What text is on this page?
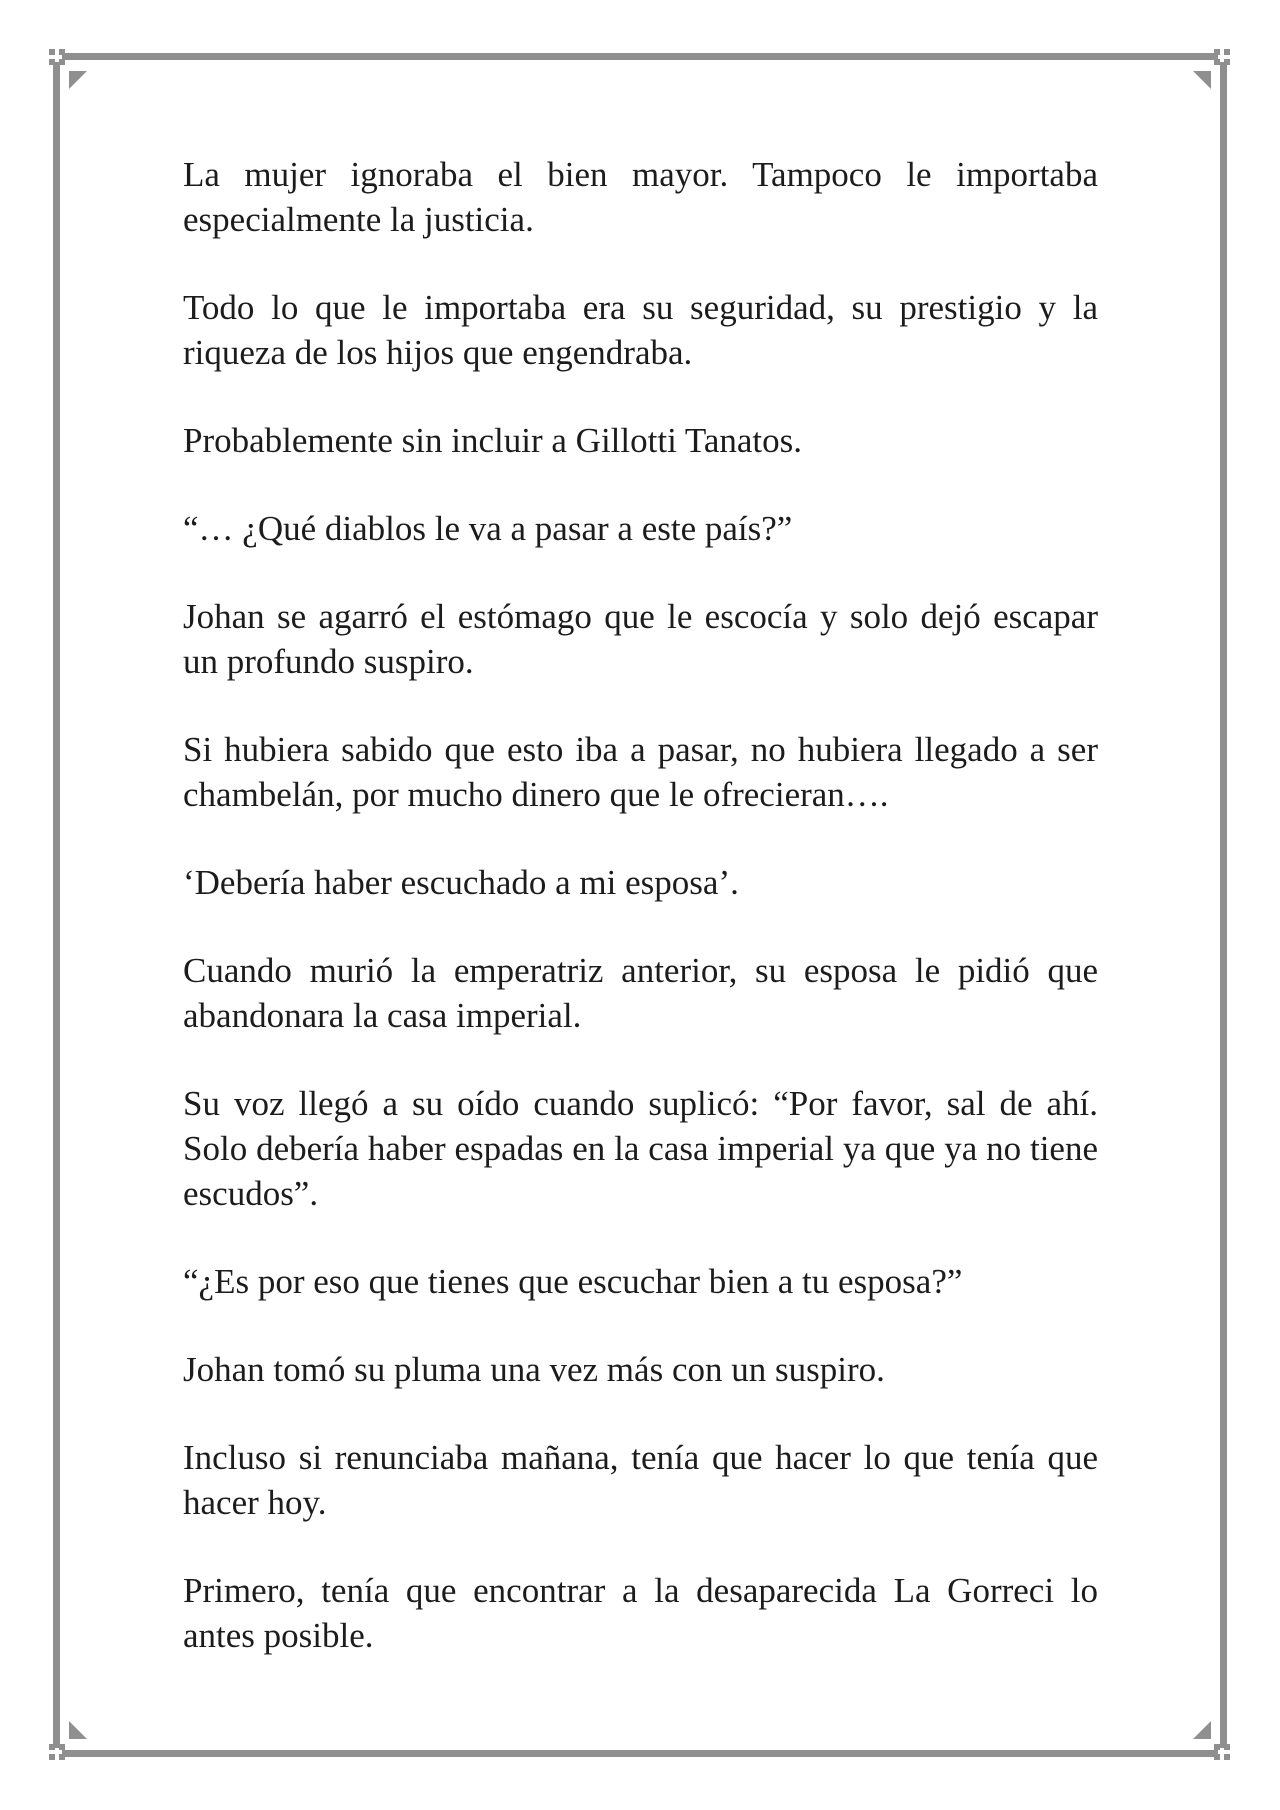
La mujer ignoraba el bien mayor. Tampoco le importaba especialmente la justicia.

Todo lo que le importaba era su seguridad, su prestigio y la riqueza de los hijos que engendraba.

Probablemente sin incluir a Gillotti Tanatos.

“… ¿Qué diablos le va a pasar a este país?”

Johan se agarró el estómago que le escocía y solo dejó escapar un profundo suspiro.

Si hubiera sabido que esto iba a pasar, no hubiera llegado a ser chambelán, por mucho dinero que le ofrecieran….

‘Debería haber escuchado a mi esposa’.

Cuando murió la emperatriz anterior, su esposa le pidió que abandonara la casa imperial.

Su voz llegó a su oído cuando suplicó: “Por favor, sal de ahí. Solo debería haber espadas en la casa imperial ya que ya no tiene escudos”.

“¿Es por eso que tienes que escuchar bien a tu esposa?”

Johan tomó su pluma una vez más con un suspiro.

Incluso si renunciaba mañana, tenía que hacer lo que tenía que hacer hoy.

Primero, tenía que encontrar a la desaparecida La Gorreci lo antes posible.
